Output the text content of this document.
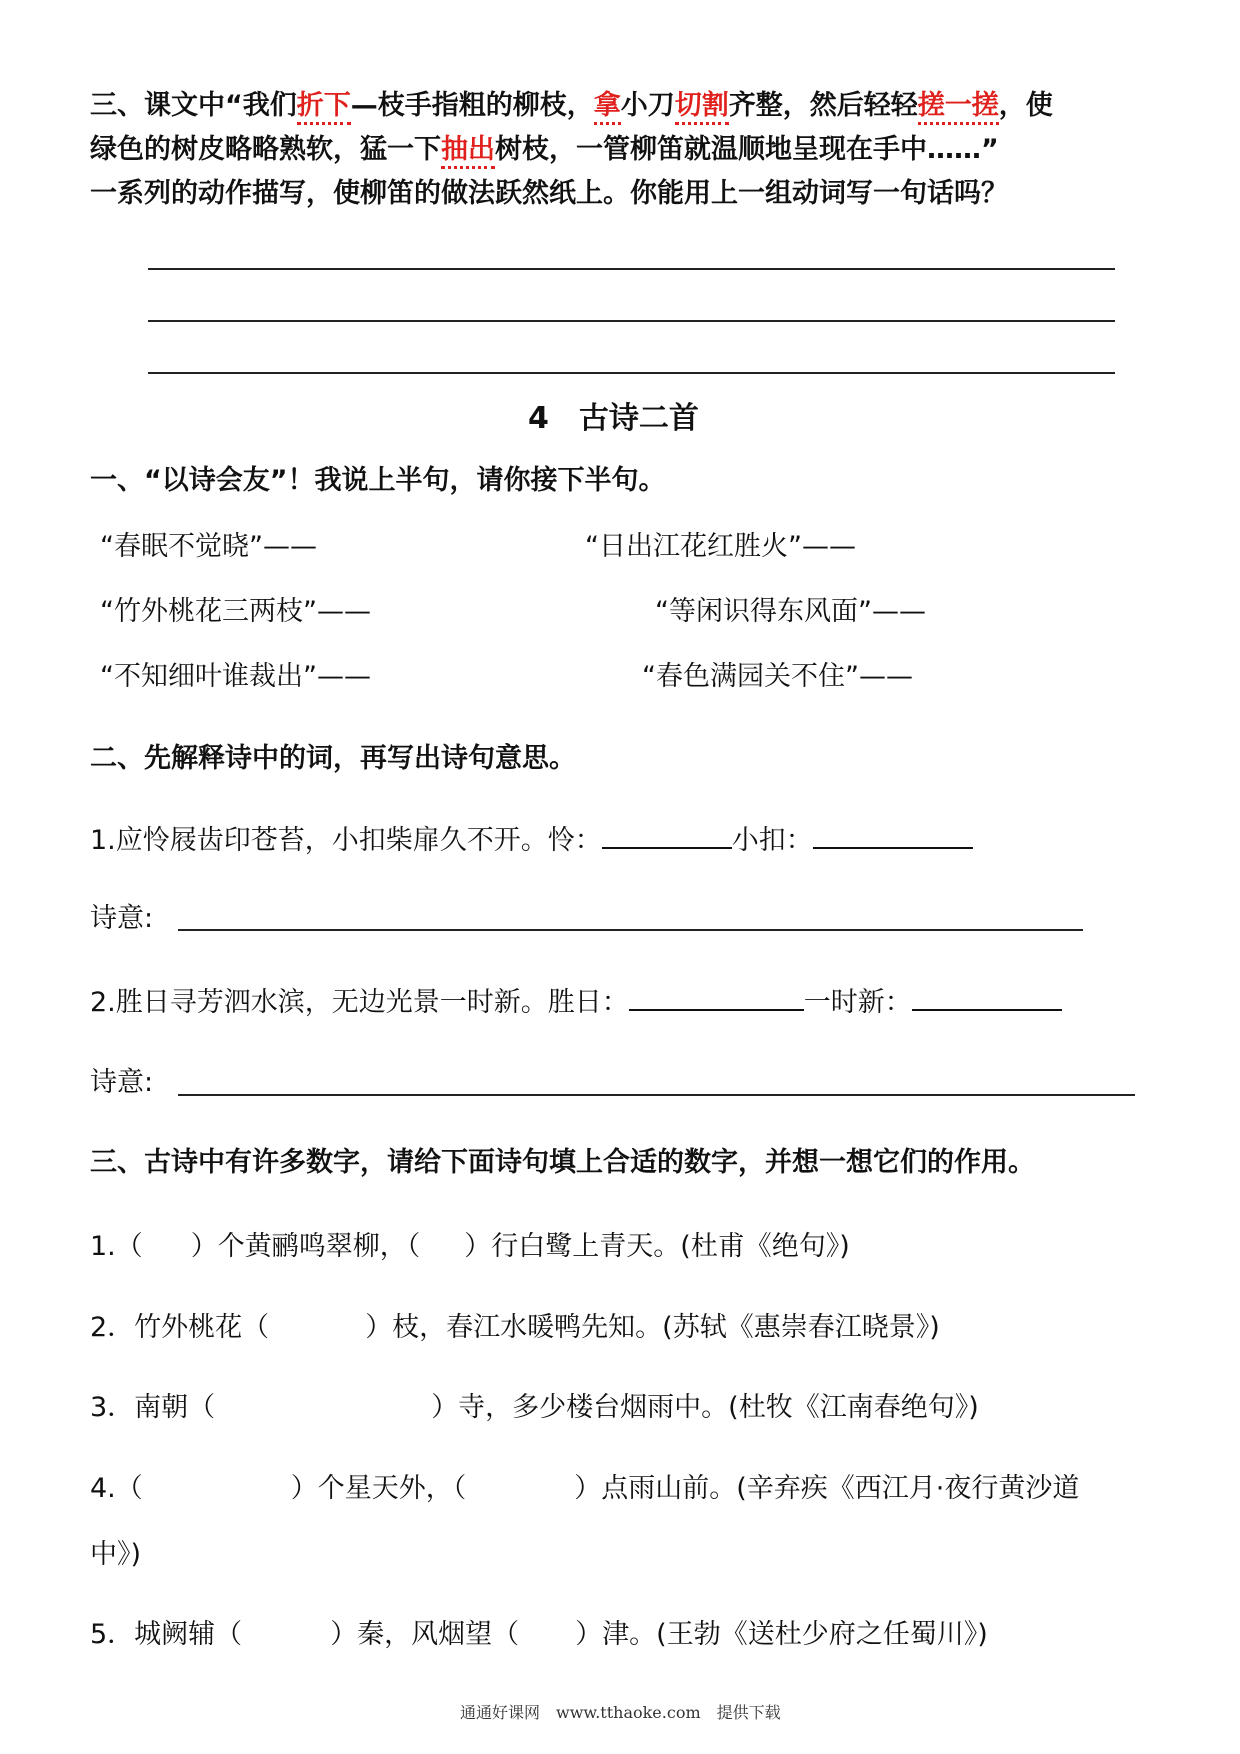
三、课文中“我们折下—枝手指粗的柳枝，拿小刀切割齐整，然后轻轻搓一搓，使
绿色的树皮略略熟软，猛一下抽出树枝，一管柳笛就温顺地呈现在手中……”
一系列的动作描写，使柳笛的做法跃然纸上。你能用上一组动词写一句话吗？
4　古诗二首
一、“以诗会友”！我说上半句，请你接下半句。
“春眠不觉晓”——	“日出江花红胜火”——
“竹外桃花三两枝”——	“等闲识得东风面”——
“不知细叶谁裁出”——	“春色满园关不住”——
二、先解释诗中的词，再写出诗句意思。
1.应怜屐齿印苍苔，小扣柴扉久不开。怜：	小扣：
诗意:
2.胜日寻芳泗水滨，无边光景一时新。胜日：	一时新：
诗意:
三、古诗中有许多数字，请给下面诗句填上合适的数字，并想一想它们的作用。
1.（ ）个黄鹂鸣翠柳，（ ）行白鹭上青天。(杜甫《绝句》)
2．竹外桃花（	）枝，春江水暖鸭先知。(苏轼《惠崇春江晓景》)
3．南朝（	）寺，多少楼台烟雨中。(杜牧《江南春绝句》)
4.（	）个星天外，（	）点雨山前。(辛弃疾《西江月·夜行黄沙道
中》)
5．城阙辅（	）秦，风烟望（ ）津。(王勃《送杜少府之任蜀川》)
通通好课网　www.tthaoke.com　提供下载
